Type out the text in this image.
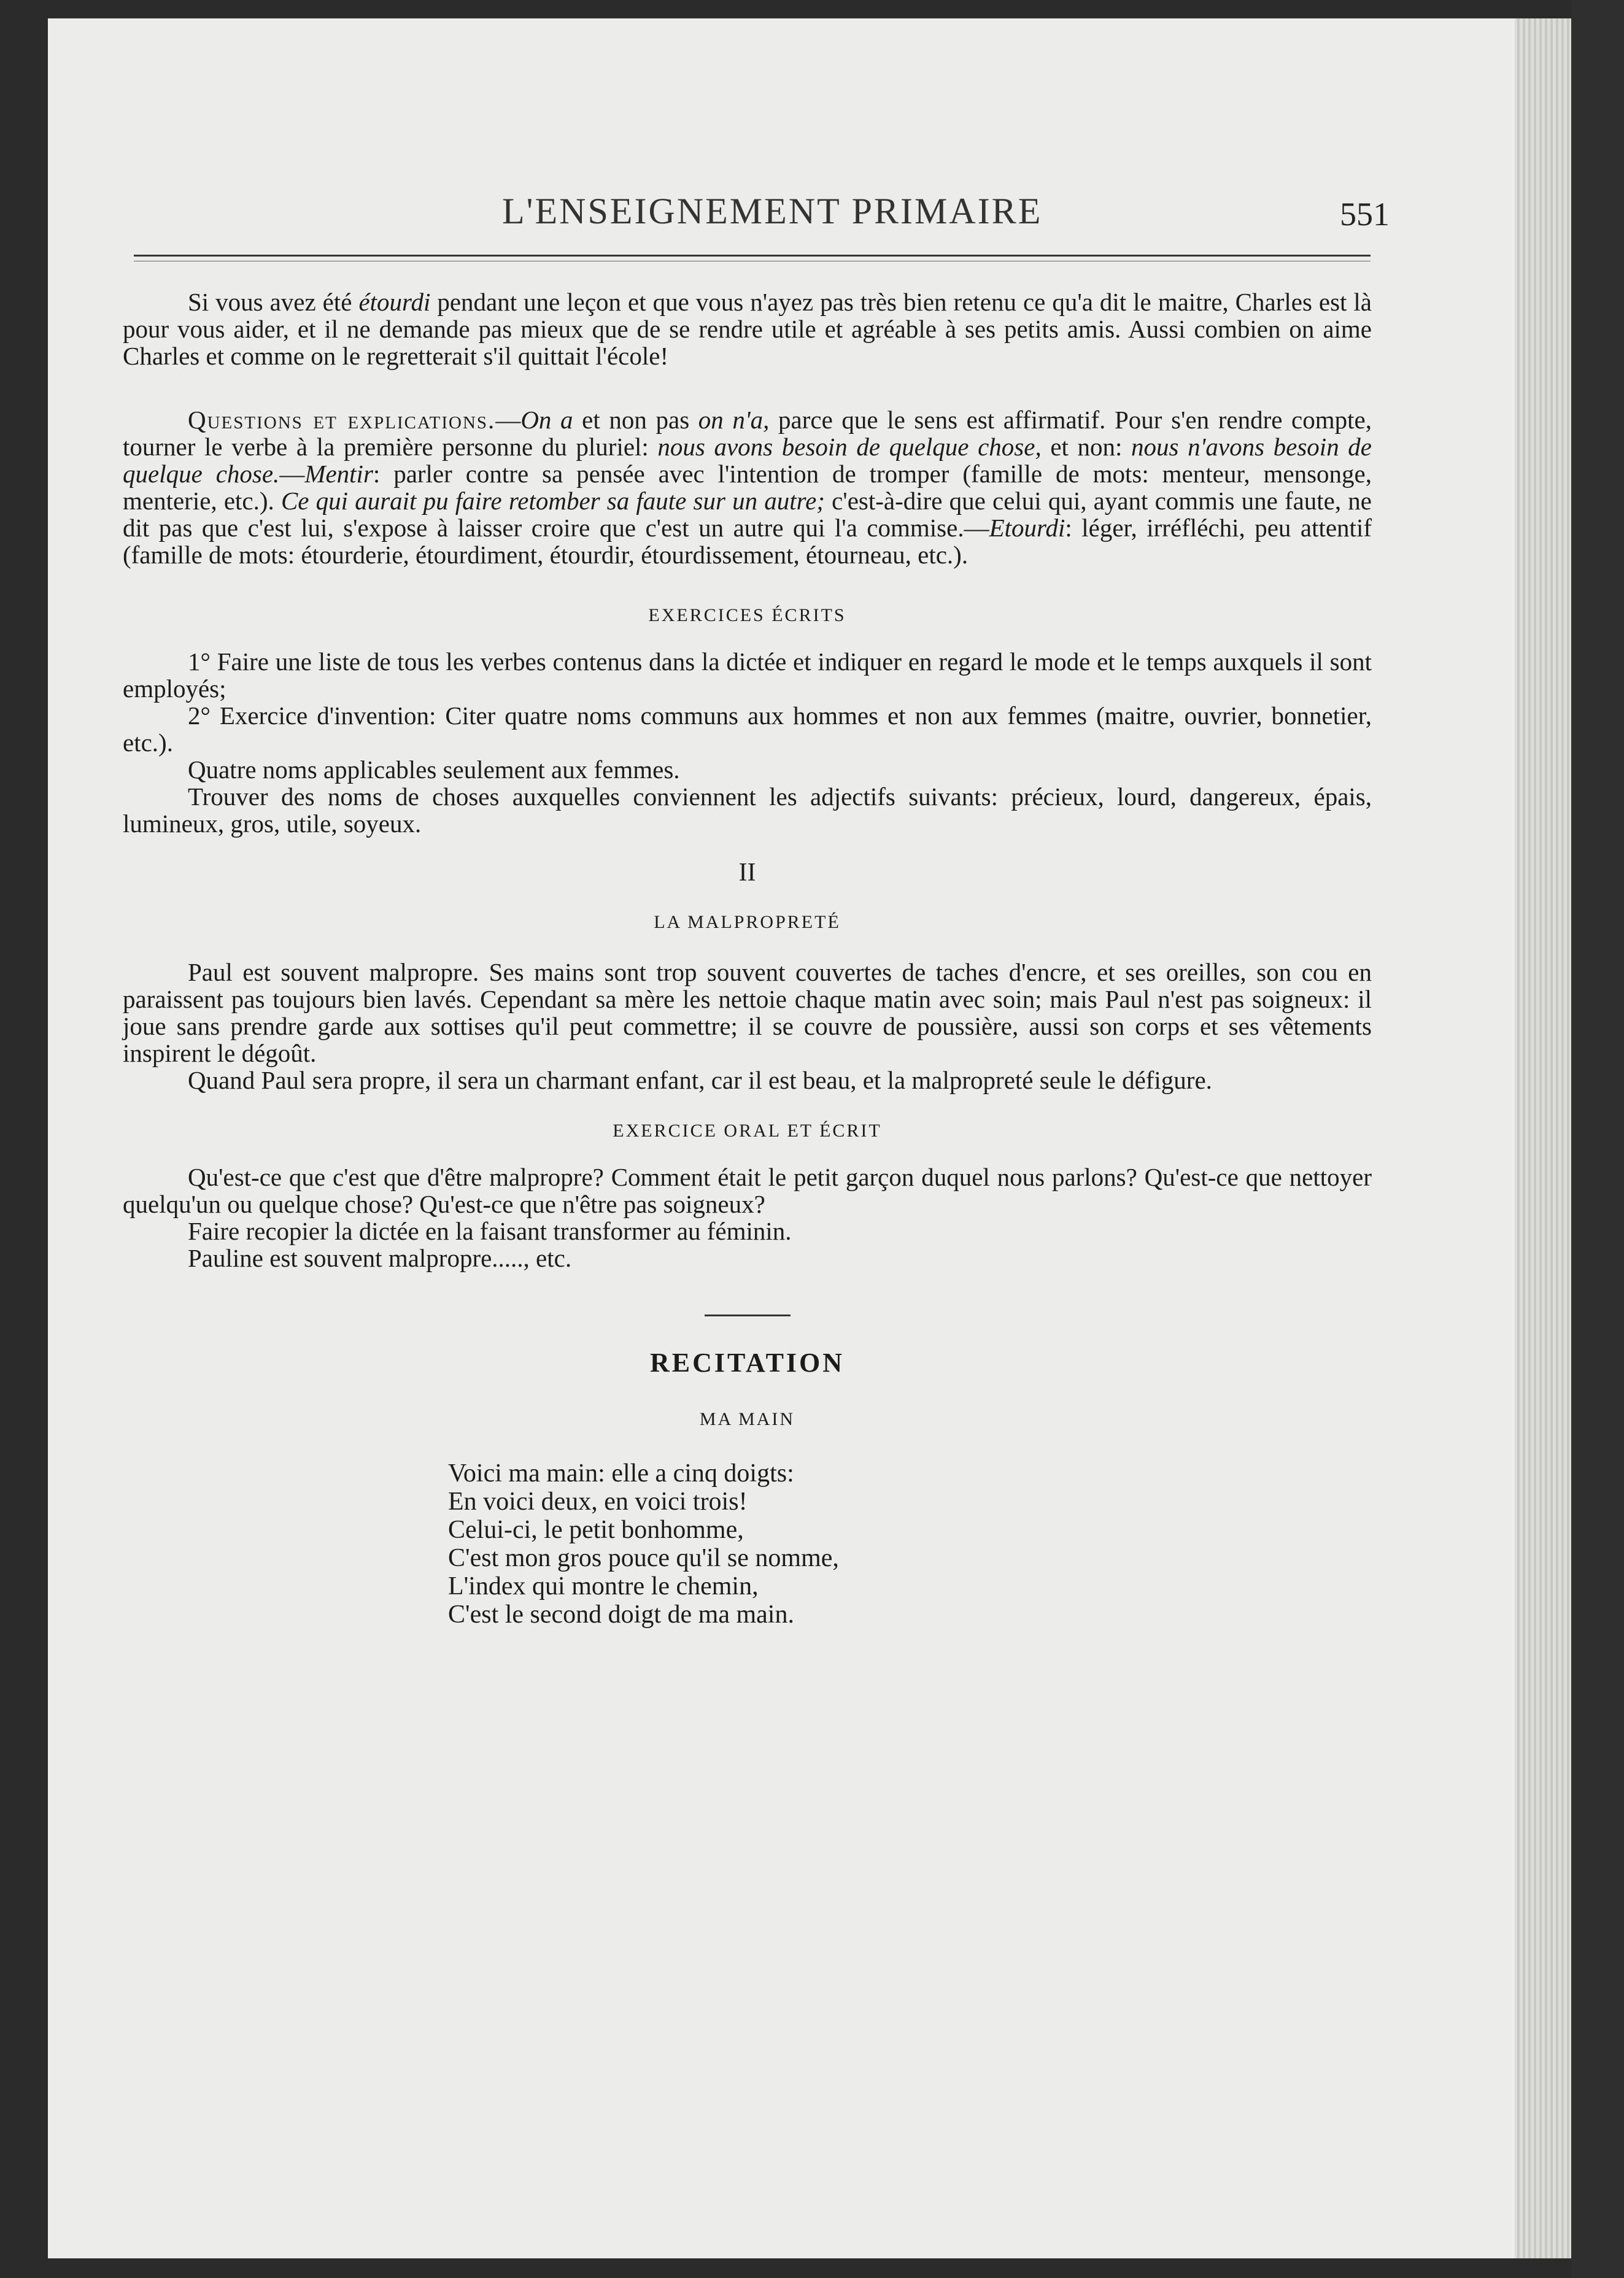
L'ENSEIGNEMENT PRIMAIRE	551

Si vous avez été étourdi pendant une leçon et que vous n'ayez pas très bien retenu ce qu'a dit le maitre, Charles est là pour vous aider, et il ne demande pas mieux que de se rendre utile et agréable à ses petits amis. Aussi combien on aime Charles et comme on le regretterait s'il quittait l'école!

Questions et explications.—On a et non pas on n'a, parce que le sens est affirmatif. Pour s'en rendre compte, tourner le verbe à la première personne du pluriel: nous avons besoin de quelque chose, et non: nous n'avons besoin de quelque chose.—Mentir: parler contre sa pensée avec l'intention de tromper (famille de mots: menteur, mensonge, menterie, etc.). Ce qui aurait pu faire retomber sa faute sur un autre; c'est-à-dire que celui qui, ayant commis une faute, ne dit pas que c'est lui, s'expose à laisser croire que c'est un autre qui l'a commise.—Etourdi: léger, irréfléchi, peu attentif (famille de mots: étourderie, étourdiment, étourdir, étourdissement, étourneau, etc.).

EXERCICES ÉCRITS

1° Faire une liste de tous les verbes contenus dans la dictée et indiquer en regard le mode et le temps auxquels il sont employés;

2° Exercice d'invention: Citer quatre noms communs aux hommes et non aux femmes (maitre, ouvrier, bonnetier, etc.).

Quatre noms applicables seulement aux femmes.

Trouver des noms de choses auxquelles conviennent les adjectifs suivants: précieux, lourd, dangereux, épais, lumineux, gros, utile, soyeux.

II

LA MALPROPRETÉ

Paul est souvent malpropre. Ses mains sont trop souvent couvertes de taches d'encre, et ses oreilles, son cou en paraissent pas toujours bien lavés. Cependant sa mère les nettoie chaque matin avec soin; mais Paul n'est pas soigneux: il joue sans prendre garde aux sottises qu'il peut commettre; il se couvre de poussière, aussi son corps et ses vêtements inspirent le dégoût.

Quand Paul sera propre, il sera un charmant enfant, car il est beau, et la malpropreté seule le défigure.

EXERCICE ORAL ET ÉCRIT

Qu'est-ce que c'est que d'être malpropre? Comment était le petit garçon duquel nous parlons? Qu'est-ce que nettoyer quelqu'un ou quelque chose? Qu'est-ce que n'être pas soigneux?

Faire recopier la dictée en la faisant transformer au féminin.

Pauline est souvent malpropre....., etc.

RECITATION

MA MAIN

Voici ma main: elle a cinq doigts:
En voici deux, en voici trois!
Celui-ci, le petit bonhomme,
C'est mon gros pouce qu'il se nomme,
L'index qui montre le chemin,
C'est le second doigt de ma main.
